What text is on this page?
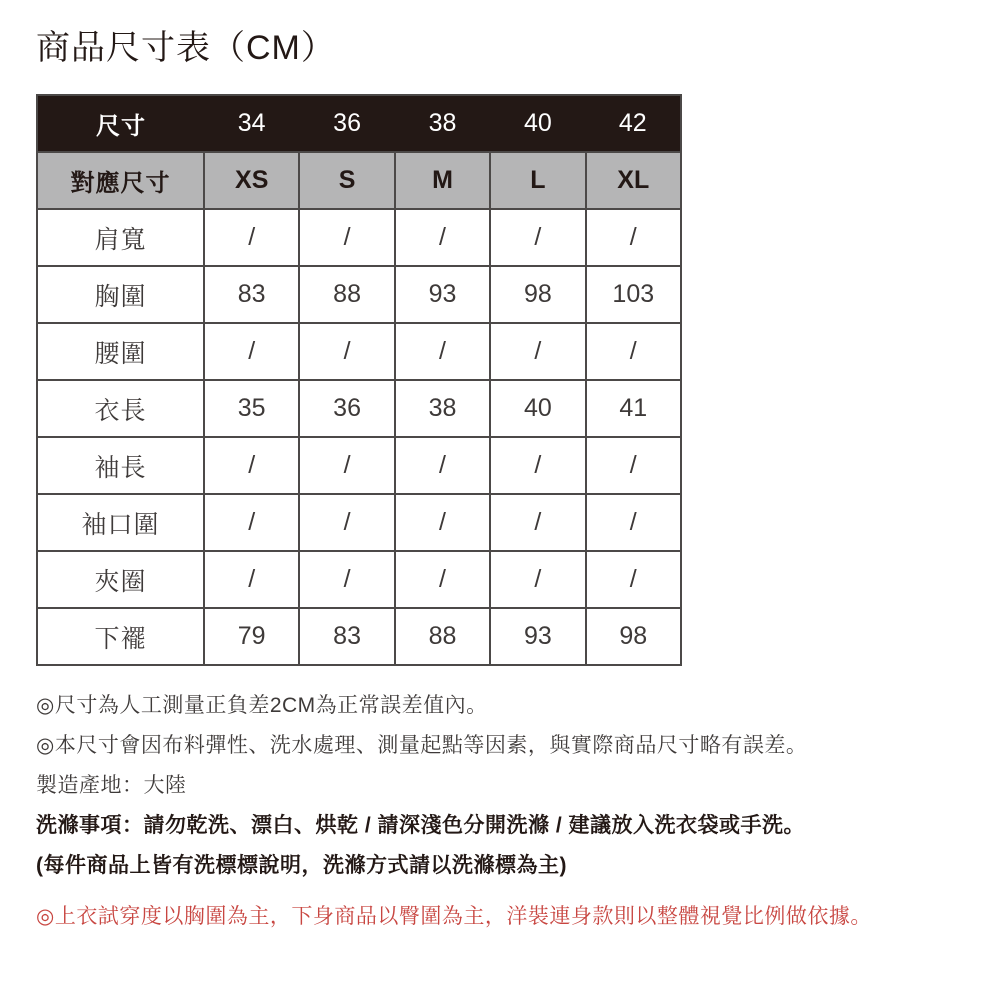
商品尺寸表（CM）
尺寸	34	36	38	40	42
對應尺寸	XS	S	M	L	XL
肩寬	/	/	/	/	/
胸圍	83	88	93	98	103
腰圍	/	/	/	/	/
衣長	35	36	38	40	41
袖長	/	/	/	/	/
袖口圍	/	/	/	/	/
夾圈	/	/	/	/	/
下襬	79	83	88	93	98

◎尺寸為人工測量正負差2CM為正常誤差值內。

◎本尺寸會因布料彈性、洗水處理、測量起點等因素，與實際商品尺寸略有誤差。

製造產地：大陸

洗滌事項：請勿乾洗、漂白、烘乾 / 請深淺色分開洗滌 / 建議放入洗衣袋或手洗。

(每件商品上皆有洗標標說明，洗滌方式請以洗滌標為主)

◎上衣試穿度以胸圍為主，下身商品以臀圍為主，洋裝連身款則以整體視覺比例做依據。
